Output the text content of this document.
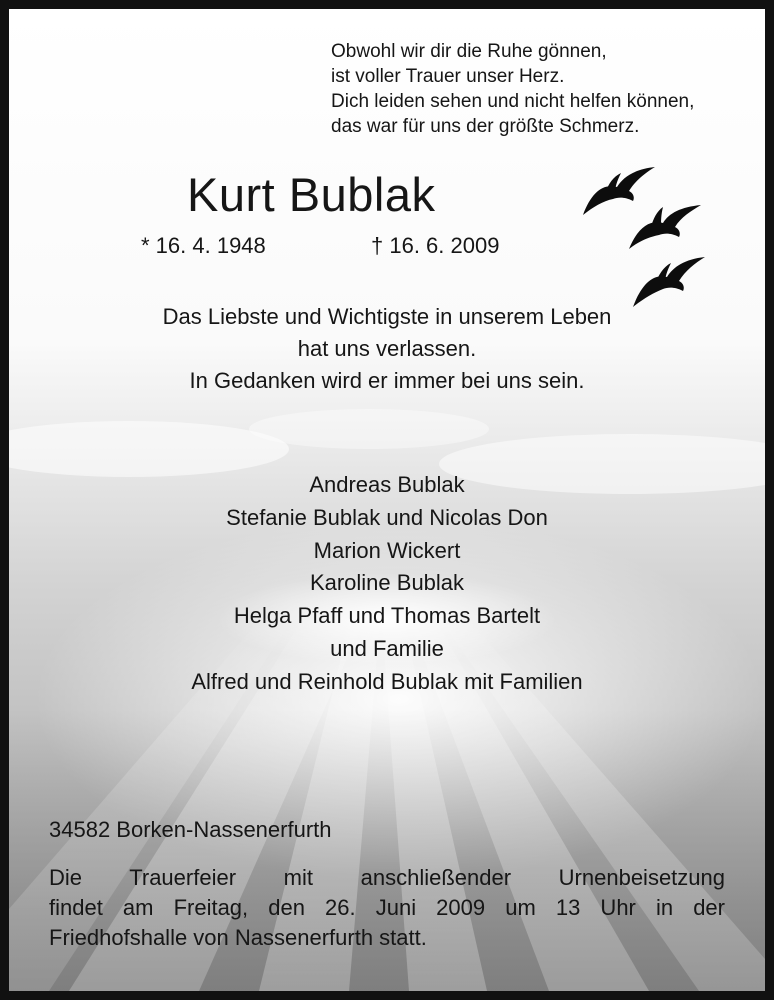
Obwohl wir dir die Ruhe gönnen,
ist voller Trauer unser Herz.
Dich leiden sehen und nicht helfen können,
das war für uns der größte Schmerz.
Kurt Bublak
* 16. 4. 1948	† 16. 6. 2009
Das Liebste und Wichtigste in unserem Leben
hat uns verlassen.
In Gedanken wird er immer bei uns sein.
Andreas Bublak
Stefanie Bublak und Nicolas Don
Marion Wickert
Karoline Bublak
Helga Pfaff und Thomas Bartelt
und Familie
Alfred und Reinhold Bublak mit Familien
34582 Borken-Nassenerfurth
Die Trauerfeier mit anschließender Urnenbeisetzung
findet am Freitag, den 26. Juni 2009 um 13 Uhr in der
Friedhofshalle von Nassenerfurth statt.
